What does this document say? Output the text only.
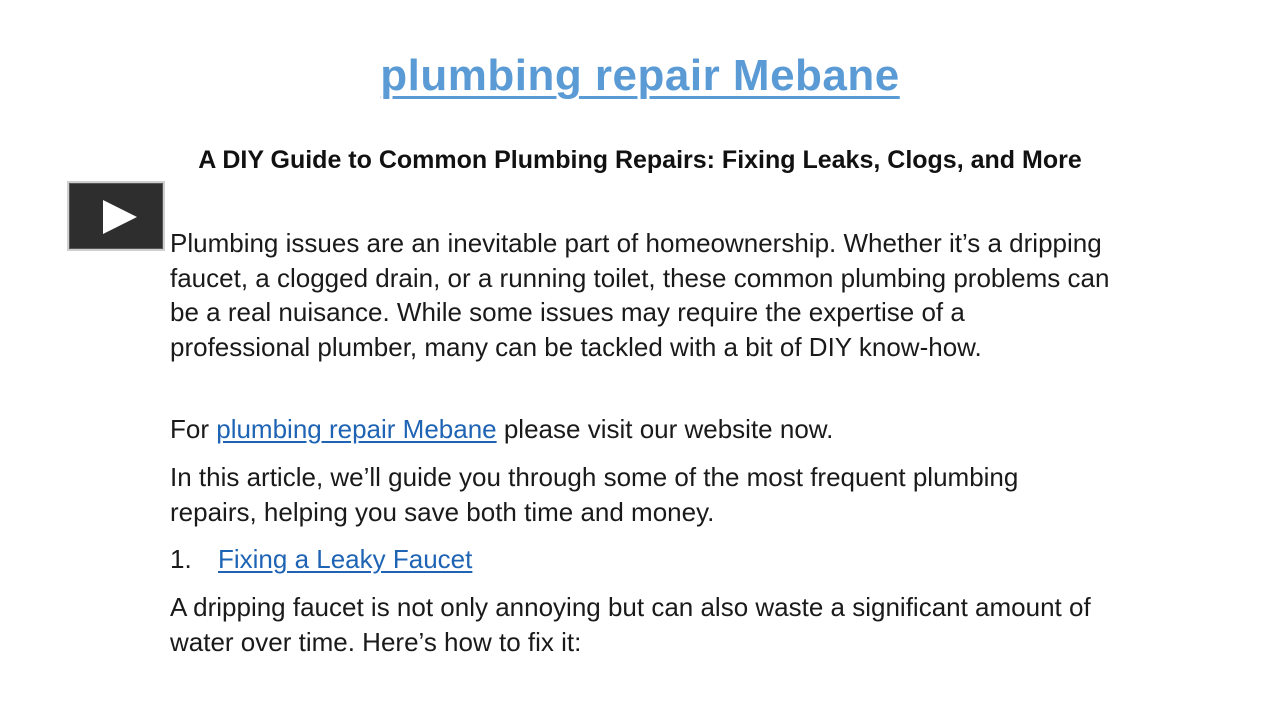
plumbing repair Mebane
A DIY Guide to Common Plumbing Repairs: Fixing Leaks, Clogs, and More
Plumbing issues are an inevitable part of homeownership. Whether it’s a dripping faucet, a clogged drain, or a running toilet, these common plumbing problems can be a real nuisance. While some issues may require the expertise of a professional plumber, many can be tackled with a bit of DIY know-how.
For plumbing repair Mebane please visit our website now.
In this article, we’ll guide you through some of the most frequent plumbing repairs, helping you save both time and money.
1. Fixing a Leaky Faucet
A dripping faucet is not only annoying but can also waste a significant amount of water over time. Here’s how to fix it:
